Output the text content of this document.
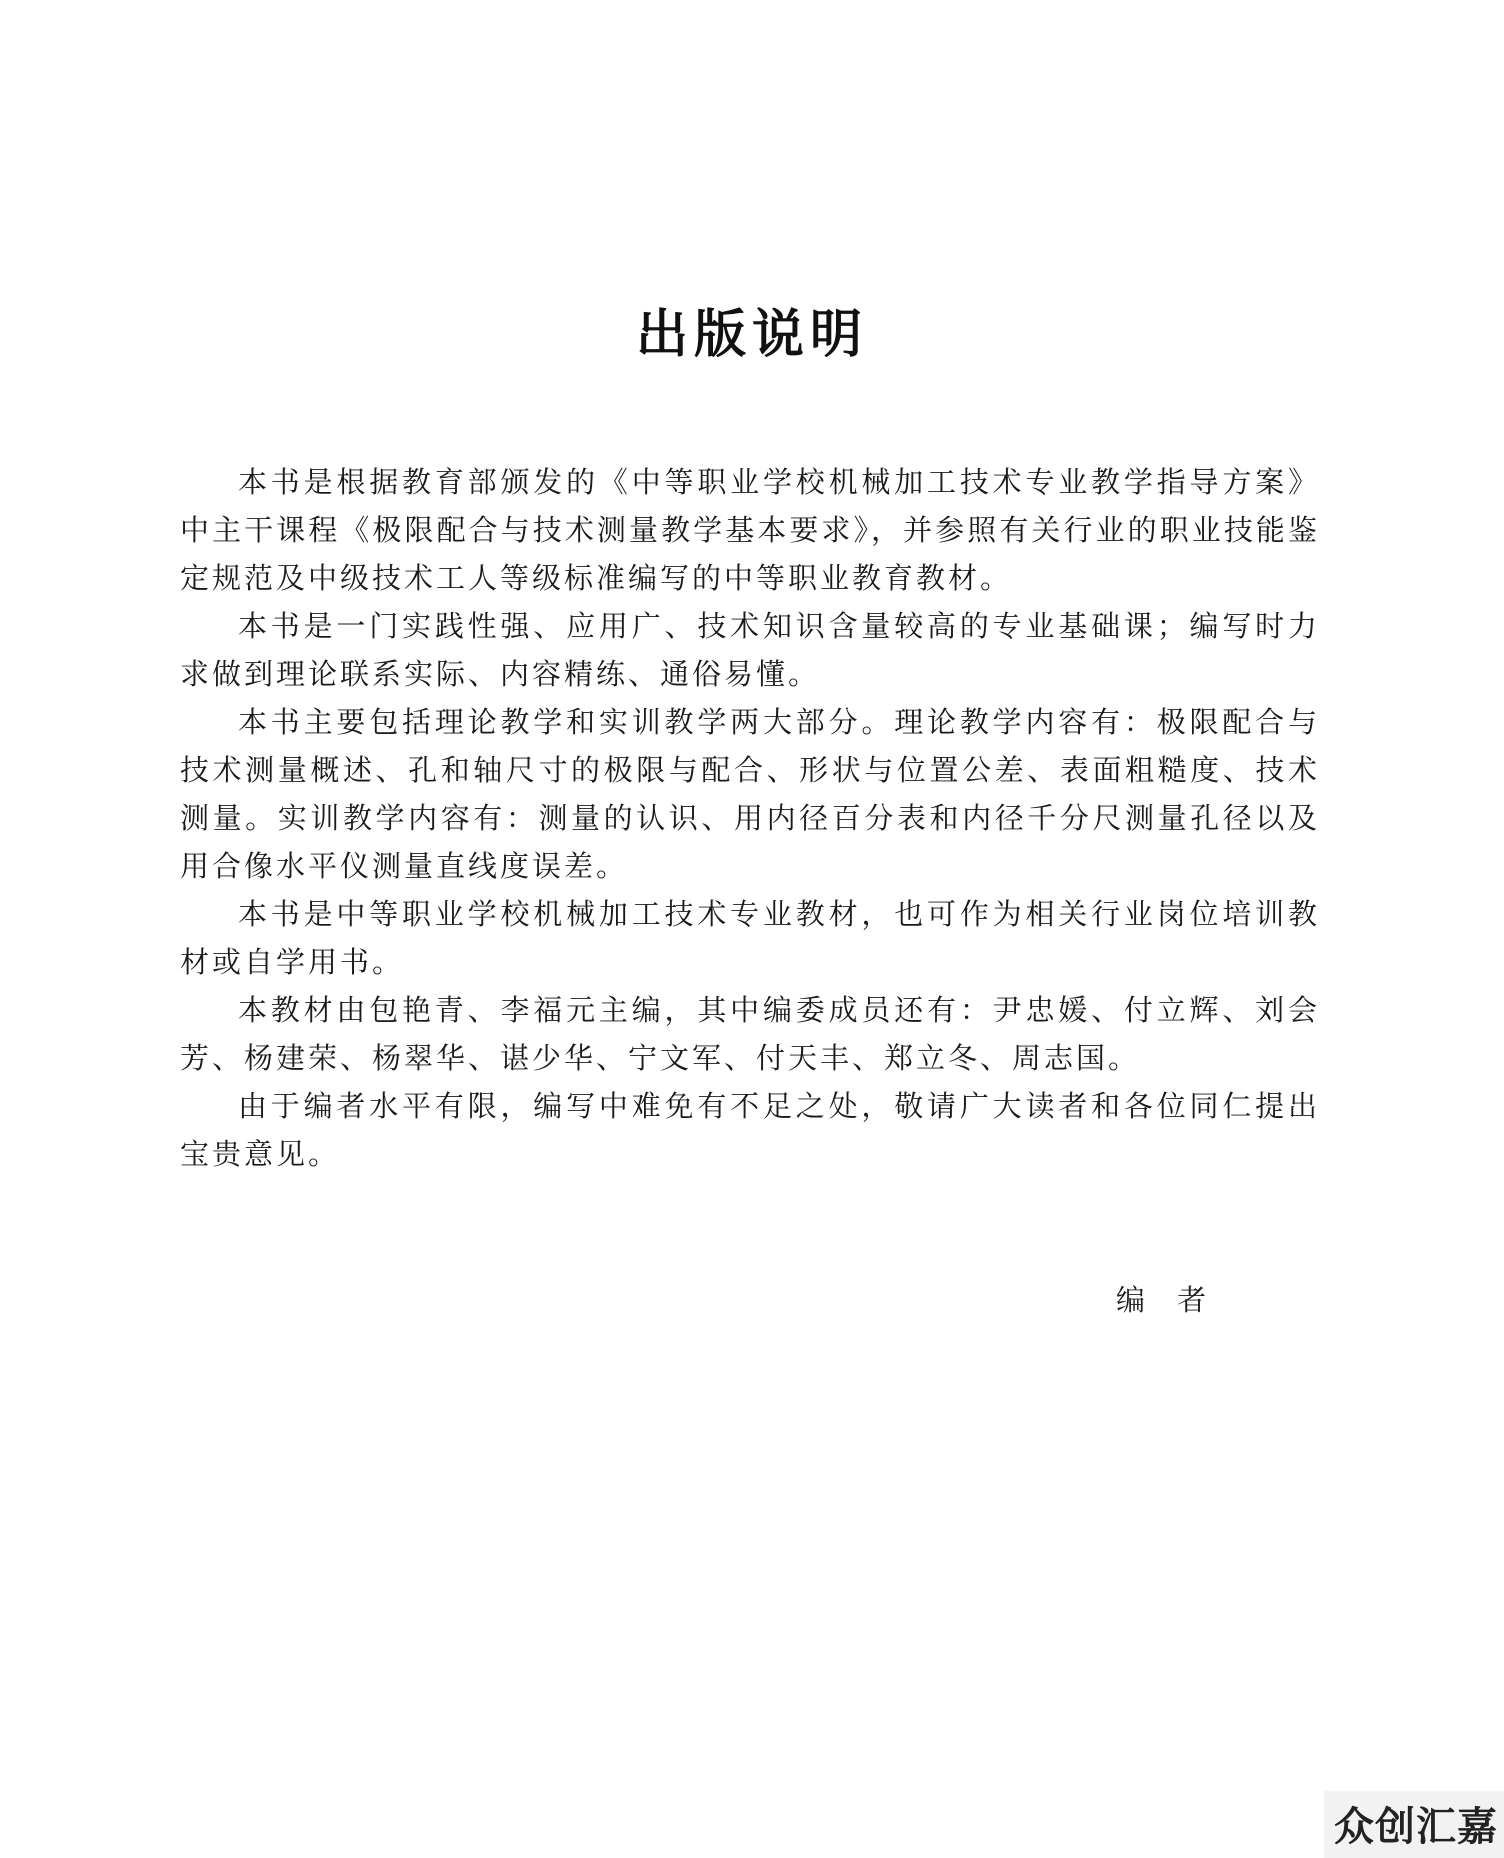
出版说明

本书是根据教育部颁发的《中等职业学校机械加工技术专业教学指导方案》中主干课程《极限配合与技术测量教学基本要求》，并参照有关行业的职业技能鉴定规范及中级技术工人等级标准编写的中等职业教育教材。

本书是一门实践性强、应用广、技术知识含量较高的专业基础课；编写时力求做到理论联系实际、内容精练、通俗易懂。

本书主要包括理论教学和实训教学两大部分。理论教学内容有：极限配合与技术测量概述、孔和轴尺寸的极限与配合、形状与位置公差、表面粗糙度、技术测量。实训教学内容有：测量的认识、用内径百分表和内径千分尺测量孔径以及用合像水平仪测量直线度误差。

本书是中等职业学校机械加工技术专业教材，也可作为相关行业岗位培训教材或自学用书。

本教材由包艳青、李福元主编，其中编委成员还有：尹忠媛、付立辉、刘会芳、杨建荣、杨翠华、谌少华、宁文军、付天丰、郑立冬、周志国。

由于编者水平有限，编写中难免有不足之处，敬请广大读者和各位同仁提出宝贵意见。

编者
众创汇嘉
